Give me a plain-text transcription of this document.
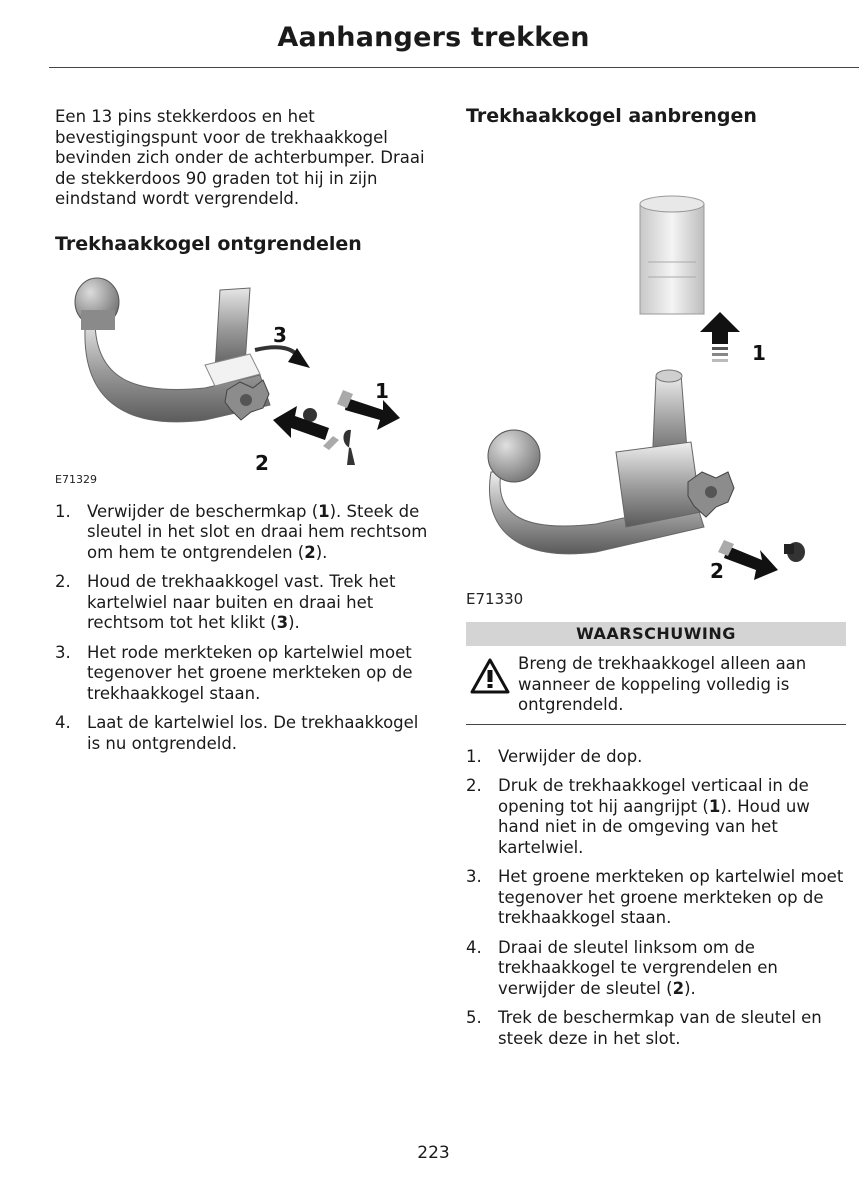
Aanhangers trekken

Een 13 pins stekkerdoos en het bevestigingspunt voor de trekhaakkogel bevinden zich onder de achterbumper. Draai de stekkerdoos 90 graden tot hij in zijn eindstand wordt vergrendeld.

Trekhaakkogel ontgrendelen
3
1
2
E71329
1. Verwijder de beschermkap (1). Steek de sleutel in het slot en draai hem rechtsom om hem te ontgrendelen (2).
2. Houd de trekhaakkogel vast. Trek het kartelwiel naar buiten en draai het rechtsom tot het klikt (3).
3. Het rode merkteken op kartelwiel moet tegenover het groene merkteken op de trekhaakkogel staan.
4. Laat de kartelwiel los. De trekhaakkogel is nu ontgrendeld.
Trekhaakkogel aanbrengen
1
2
E71330
WAARSCHUWING
Breng de trekhaakkogel alleen aan wanneer de koppeling volledig is ontgrendeld.
1. Verwijder de dop.
2. Druk de trekhaakkogel verticaal in de opening tot hij aangrijpt (1). Houd uw hand niet in de omgeving van het kartelwiel.
3. Het groene merkteken op kartelwiel moet tegenover het groene merkteken op de trekhaakkogel staan.
4. Draai de sleutel linksom om de trekhaakkogel te vergrendelen en verwijder de sleutel (2).
5. Trek de beschermkap van de sleutel en steek deze in het slot.
223
